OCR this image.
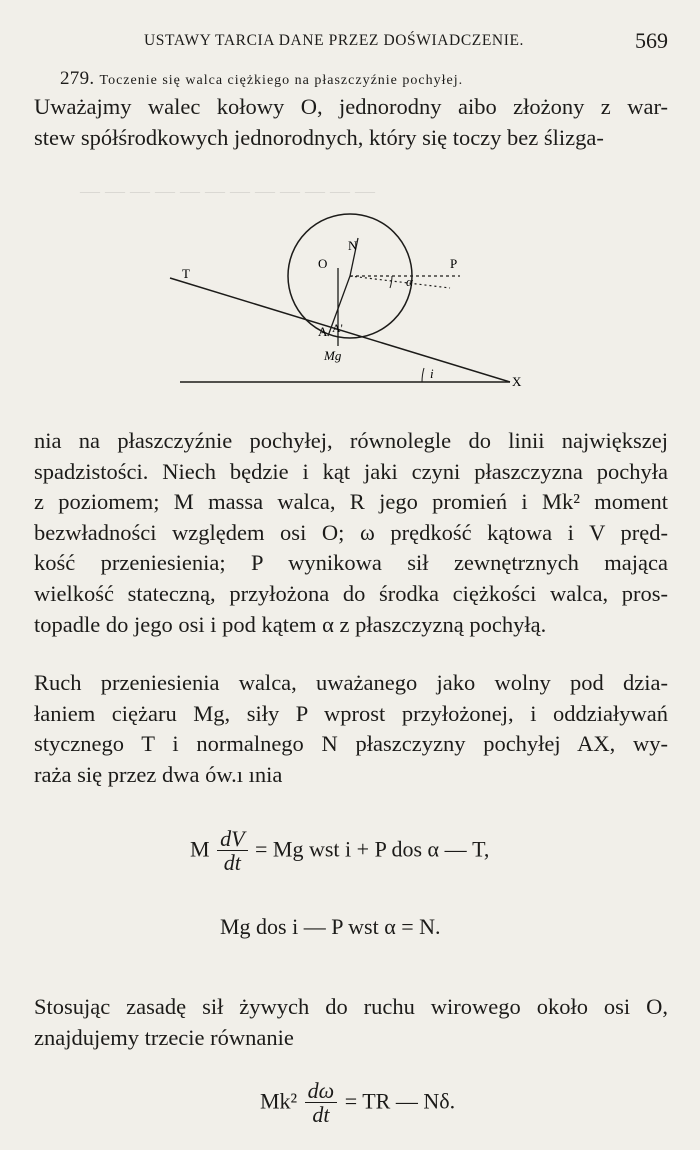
— — — — — — — — — — — —
USTAWY TARCIA DANE PRZEZ DOŚWIADCZENIE.	569
279. Toczenie się walca ciężkiego na płaszczyźnie pochyłej.
Uważajmy walec kołowy O, jednorodny aibo złożony z war-
stew spółśrodkowych jednorodnych, który się toczy bez ślizga-
N
O	P
T
α
A A'
Mg
i
X
nia na płaszczyźnie pochyłej, równolegle do linii największej
spadzistości. Niech będzie i kąt jaki czyni płaszczyzna pochyła
z poziomem; M massa walca, R jego promień i Mk² moment
bezwładności względem osi O; ω prędkość kątowa i V pręd-
kość przeniesienia; P wynikowa sił zewnętrznych mająca
wielkość stateczną, przyłożona do środka ciężkości walca, pros-
topadle do jego osi i pod kątem α z płaszczyzną pochyłą.
Ruch przeniesienia walca, uważanego jako wolny pod dzia-
łaniem ciężaru Mg, siły P wprost przyłożonej, i oddziaływań
stycznego T i normalnego N płaszczyzny pochyłej AX, wy-
raża się przez dwa ów.ı ınia
M $\frac{dV}{dt} = Mg$ wst i + P dos α — T,
Mg dos i — P wst α = N.
Stosując zasadę sił żywych do ruchu wirowego około osi O,
znajdujemy trzecie równanie
$Mk^2 \frac{d\omega}{dt}$ = TR — Nδ.
